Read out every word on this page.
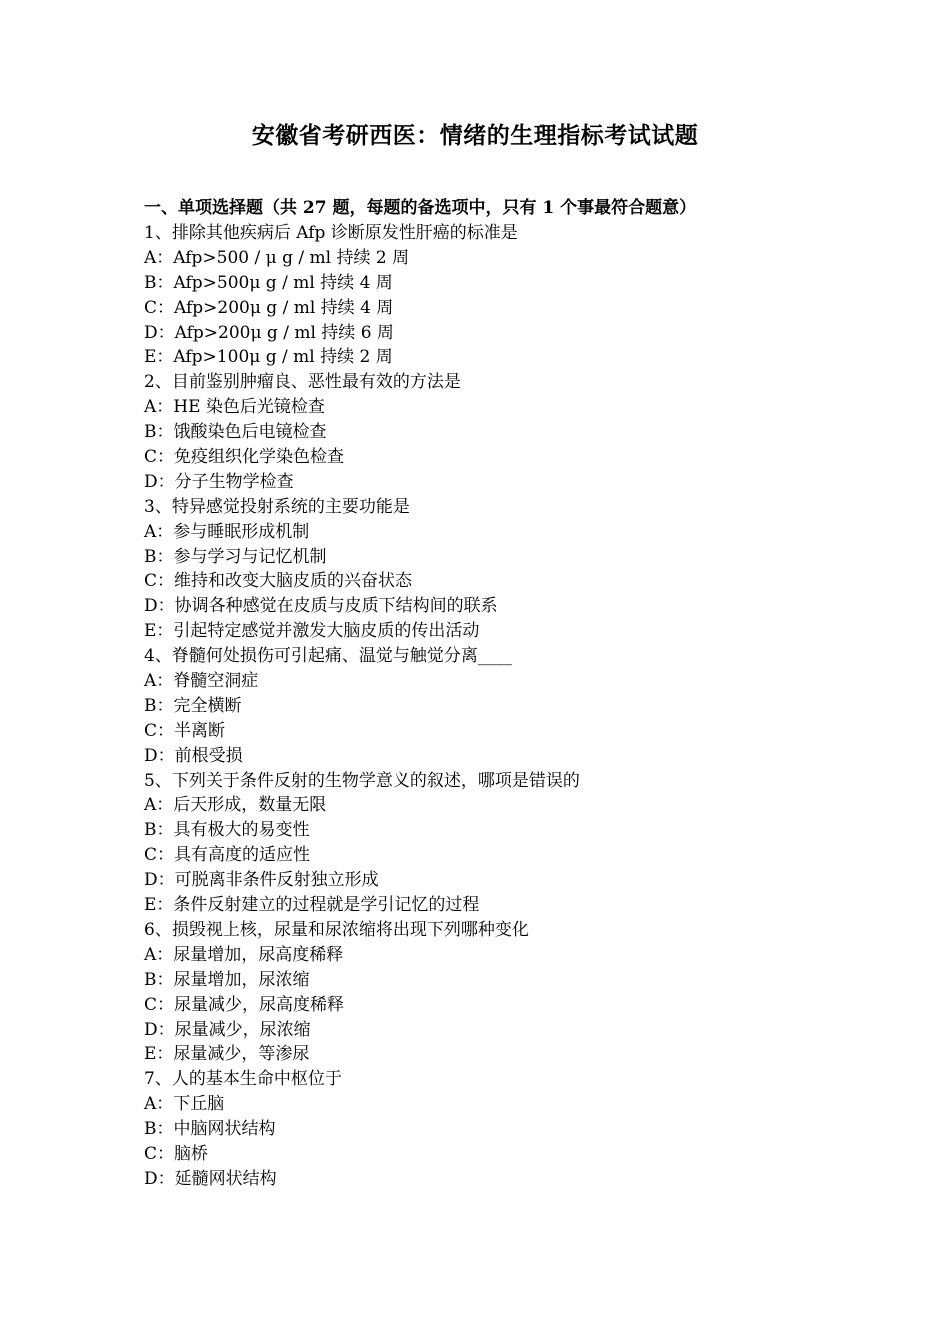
安徽省考研西医：情绪的生理指标考试试题
一、单项选择题（共 27 题，每题的备选项中，只有 1 个事最符合题意）
1、排除其他疾病后 Afp 诊断原发性肝癌的标准是
A：Afp>500 / μ g / ml 持续 2 周
B：Afp>500μ g / ml 持续 4 周
C：Afp>200μ g / ml 持续 4 周
D：Afp>200μ g / ml 持续 6 周
E：Afp>100μ g / ml 持续 2 周
2、目前鉴别肿瘤良、恶性最有效的方法是
A：HE 染色后光镜检查
B：饿酸染色后电镜检查
C：免疫组织化学染色检查
D：分子生物学检查
3、特异感觉投射系统的主要功能是
A：参与睡眠形成机制
B：参与学习与记忆机制
C：维持和改变大脑皮质的兴奋状态
D：协调各种感觉在皮质与皮质下结构间的联系
E：引起特定感觉并激发大脑皮质的传出活动
4、脊髓何处损伤可引起痛、温觉与触觉分离____
A：脊髓空洞症
B：完全横断
C：半离断
D：前根受损
5、下列关于条件反射的生物学意义的叙述，哪项是错误的
A：后天形成，数量无限
B：具有极大的易变性
C：具有高度的适应性
D：可脱离非条件反射独立形成
E：条件反射建立的过程就是学引记忆的过程
6、损毁视上核，尿量和尿浓缩将出现下列哪种变化
A：尿量增加，尿高度稀释
B：尿量增加，尿浓缩
C：尿量减少，尿高度稀释
D：尿量减少，尿浓缩
E：尿量减少，等渗尿
7、人的基本生命中枢位于
A：下丘脑
B：中脑网状结构
C：脑桥
D：延髓网状结构
